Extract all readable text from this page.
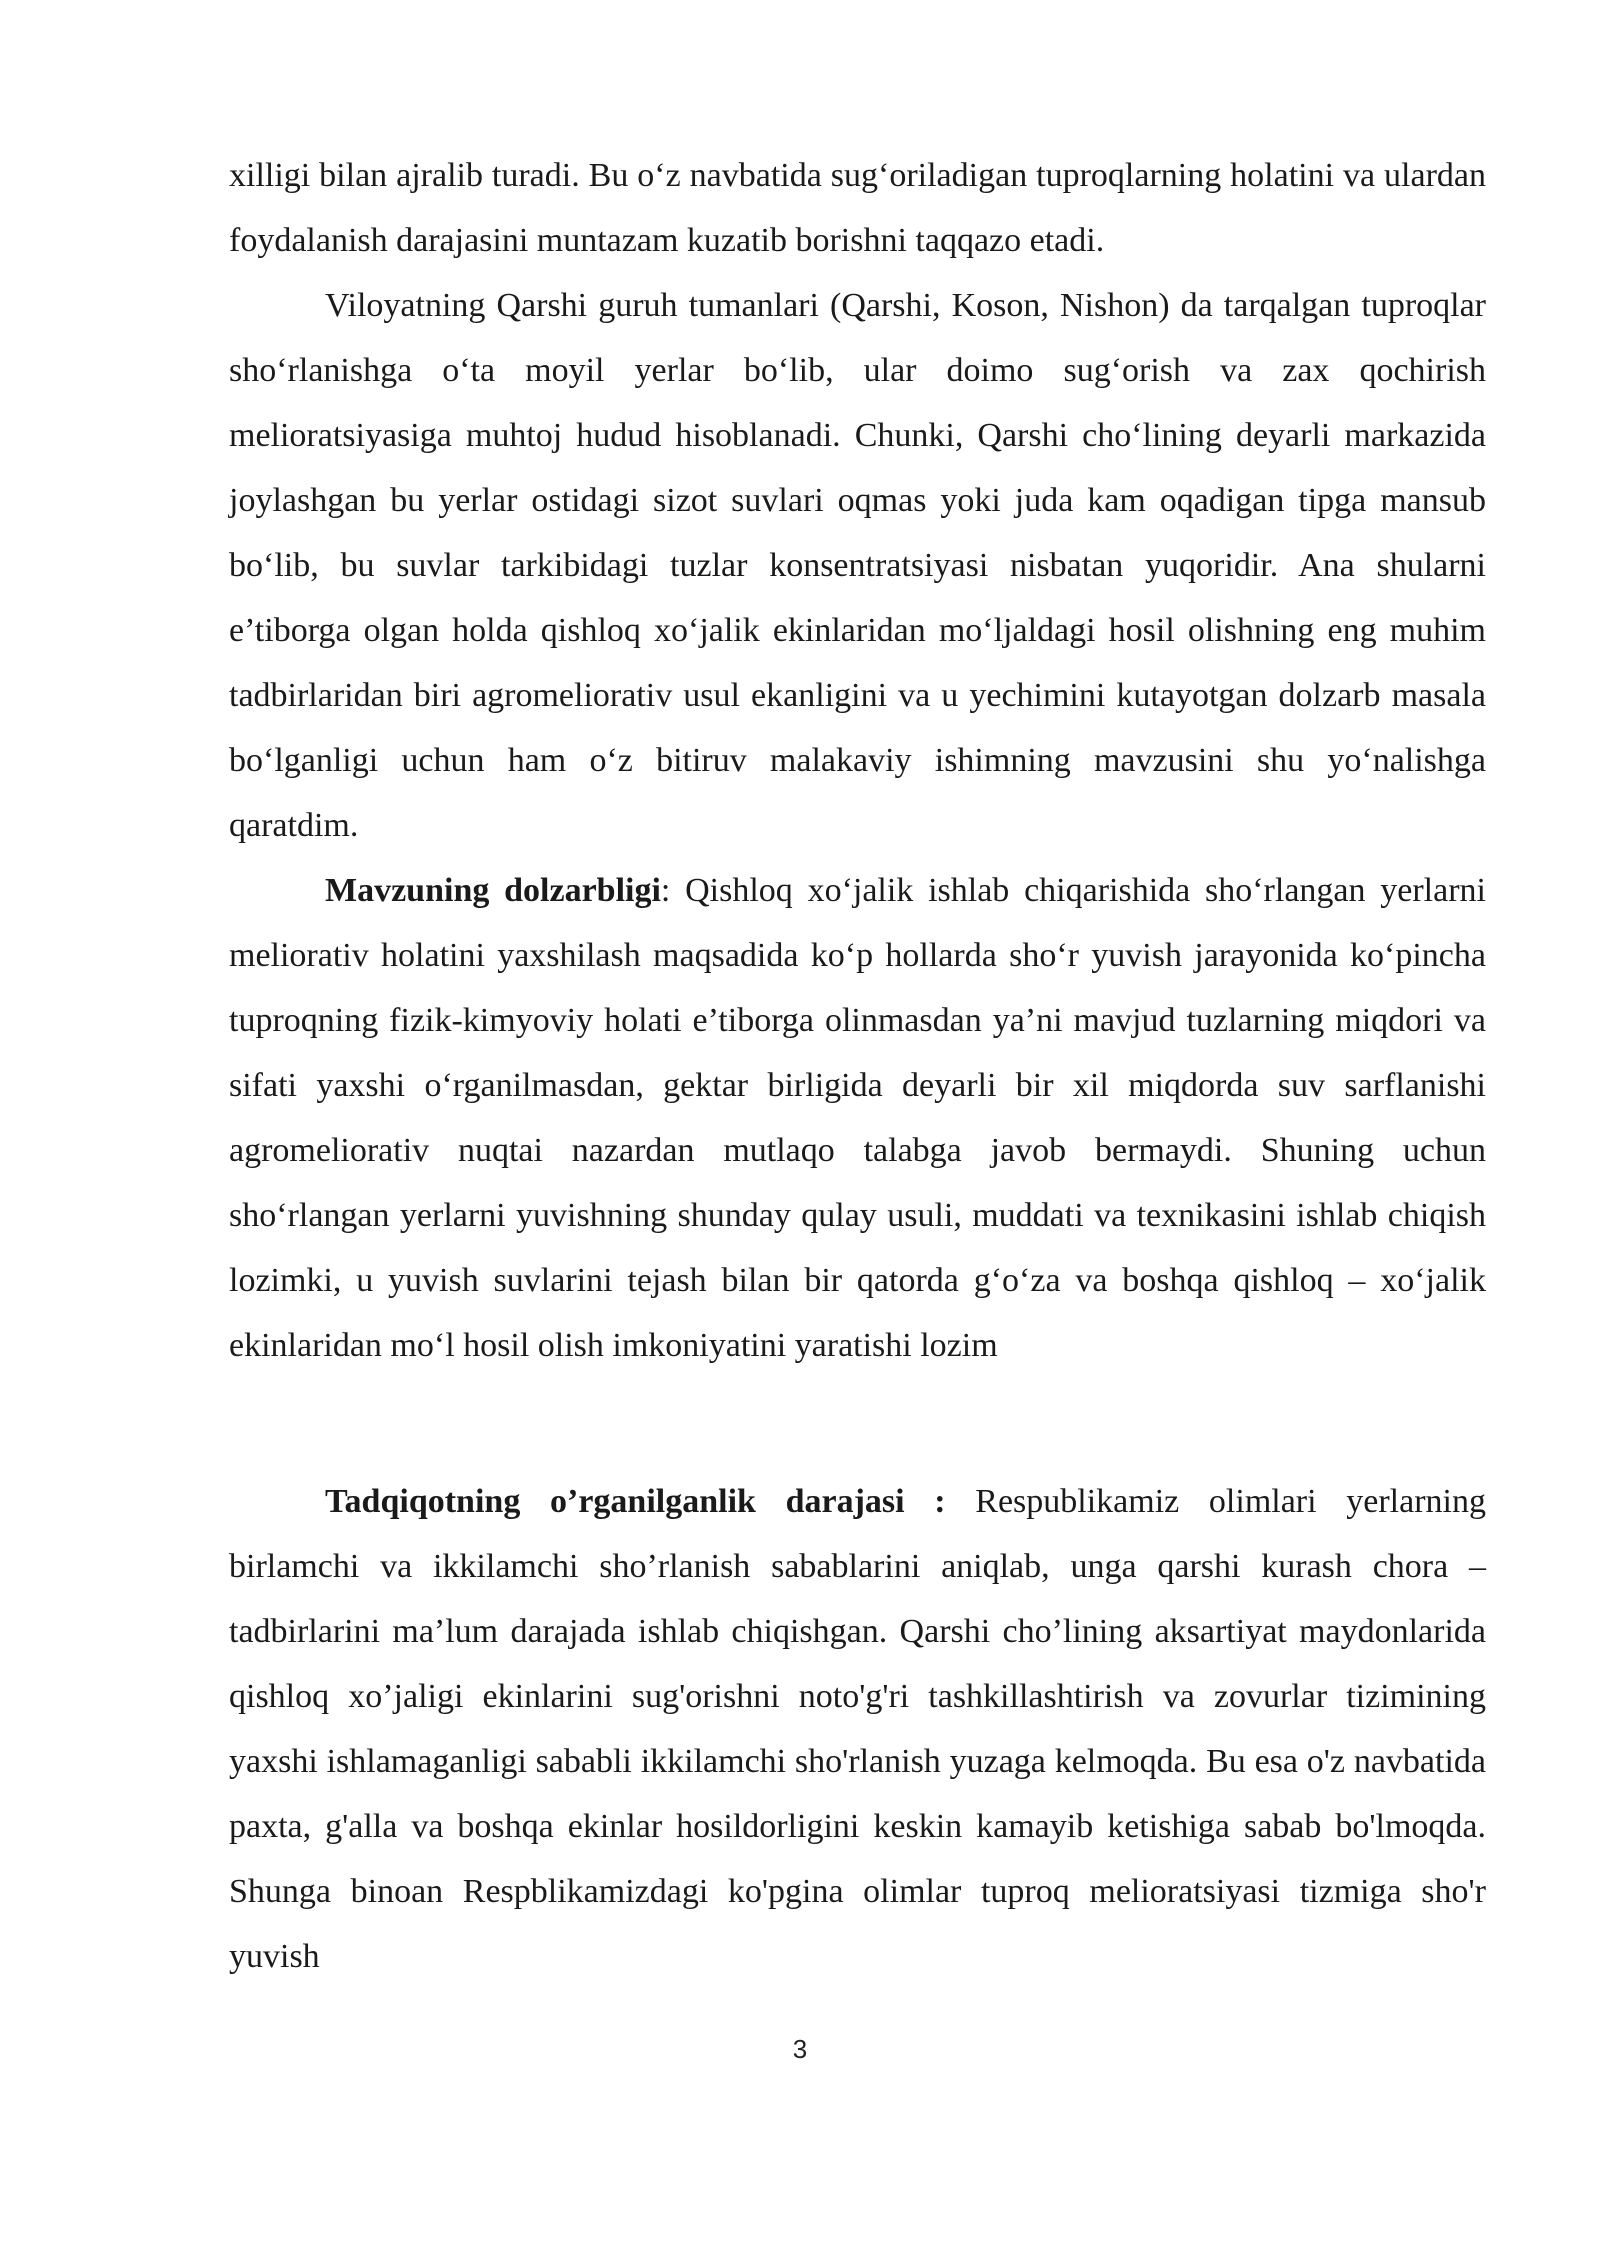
xilligi bilan ajralib turadi. Bu o‘z navbatida sug‘oriladigan tuproqlarning holatini va ulardan foydalanish darajasini muntazam kuzatib borishni taqqazo etadi.

Viloyatning Qarshi guruh tumanlari (Qarshi, Koson, Nishon) da tarqalgan tuproqlar sho‘rlanishga o‘ta moyil yerlar bo‘lib, ular doimo sug‘orish va zax qochirish melioratsiyasiga muhtoj hudud hisoblanadi. Chunki, Qarshi cho‘lining deyarli markazida joylashgan bu yerlar ostidagi sizot suvlari oqmas yoki juda kam oqadigan tipga mansub bo‘lib, bu suvlar tarkibidagi tuzlar konsentratsiyasi nisbatan yuqoridir. Ana shularni e’tiborga olgan holda qishloq xo‘jalik ekinlaridan mo‘ljaldagi hosil olishning eng muhim tadbirlaridan biri agromeliorativ usul ekanligini va u yechimini kutayotgan dolzarb masala bo‘lganligi uchun ham o‘z bitiruv malakaviy ishimning mavzusini shu yo‘nalishga qaratdim.

Mavzuning dolzarbligi: Qishloq xo‘jalik ishlab chiqarishida sho‘rlangan yerlarni meliorativ holatini yaxshilash maqsadida ko‘p hollarda sho‘r yuvish jarayonida ko‘pincha tuproqning fizik-kimyoviy holati e’tiborga olinmasdan ya’ni mavjud tuzlarning miqdori va sifati yaxshi o‘rganilmasdan, gektar birligida deyarli bir xil miqdorda suv sarflanishi agromeliorativ nuqtai nazardan mutlaqo talabga javob bermaydi. Shuning uchun sho‘rlangan yerlarni yuvishning shunday qulay usuli, muddati va texnikasini ishlab chiqish lozimki, u yuvish suvlarini tejash bilan bir qatorda g‘o‘za va boshqa qishloq – xo‘jalik ekinlaridan mo‘l hosil olish imkoniyatini yaratishi lozim

Tadqiqotning o’rganilganlik darajasi : Respublikamiz olimlari yerlarning birlamchi va ikkilamchi sho’rlanish sabablarini aniqlab, unga qarshi kurash chora – tadbirlarini ma’lum darajada ishlab chiqishgan. Qarshi cho’lining aksartiyat maydonlarida qishloq xo’jaligi ekinlarini sug'orishni noto'g'ri tashkillashtirish va zovurlar tizimining yaxshi ishlamaganligi sababli ikkilamchi sho'rlanish yuzaga kelmoqda. Bu esa o'z navbatida paxta, g'alla va boshqa ekinlar hosildorligini keskin kamayib ketishiga sabab bo'lmoqda. Shunga binoan Respblikamizdagi ko'pgina olimlar tuproq melioratsiyasi tizmiga sho'r yuvish

3
